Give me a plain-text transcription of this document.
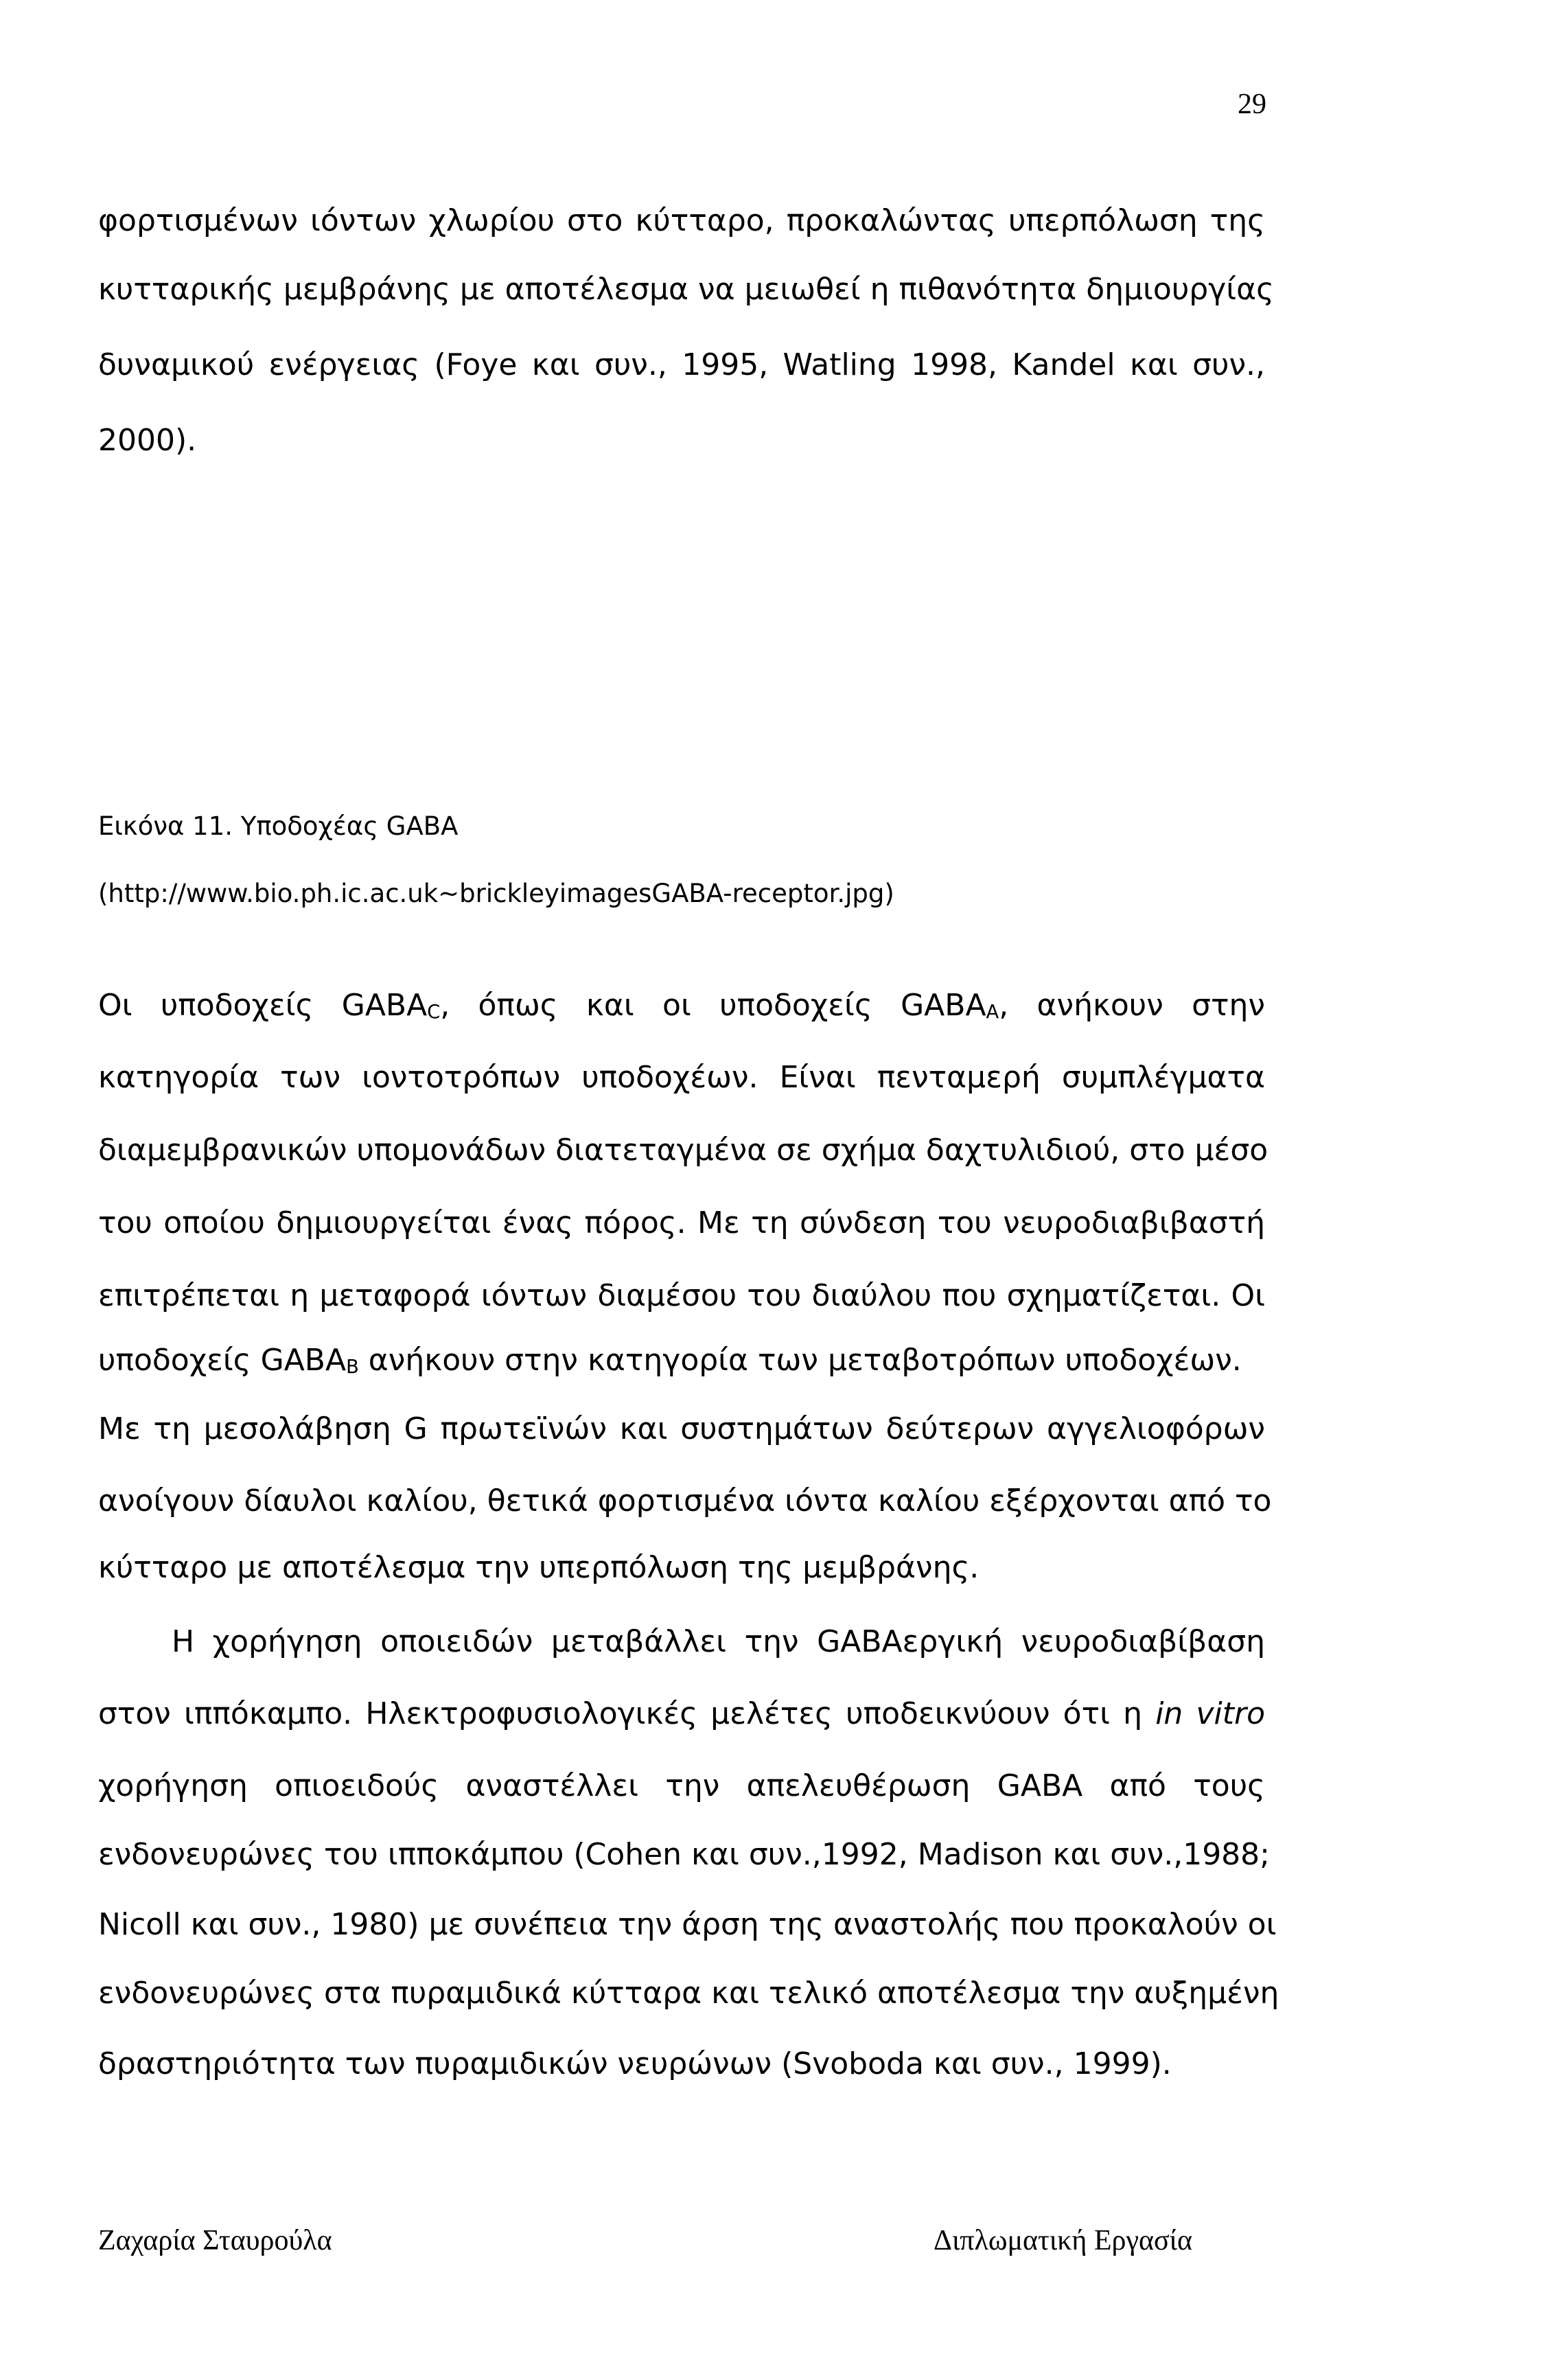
29
φορτισμένων ιόντων χλωρίου στο κύτταρο, προκαλώντας υπερπόλωση της
κυτταρικής μεμβράνης με αποτέλεσμα να μειωθεί η πιθανότητα δημιουργίας
δυναμικού ενέργειας (Foye και συν., 1995, Watling 1998, Kandel και συν.,
2000).
Εικόνα 11. Υποδοχέας GABA
(http://www.bio.ph.ic.ac.uk~brickleyimagesGABA-receptor.jpg)
Οι υποδοχείς $GABA_C$, όπως και οι υποδοχείς $GABA_A$, ανήκουν στην
κατηγορία των ιοντοτρόπων υποδοχέων. Είναι πενταμερή συμπλέγματα
διαμεμβρανικών υπομονάδων διατεταγμένα σε σχήμα δαχτυλιδιού, στο μέσο
του οποίου δημιουργείται ένας πόρος. Με τη σύνδεση του νευροδιαβιβαστή
επιτρέπεται η μεταφορά ιόντων διαμέσου του διαύλου που σχηματίζεται. Οι
υποδοχείς $GABA_B$ ανήκουν στην κατηγορία των μεταβοτρόπων υποδοχέων.
Με τη μεσολάβηση G πρωτεϊνών και συστημάτων δεύτερων αγγελιοφόρων
ανοίγουν δίαυλοι καλίου, θετικά φορτισμένα ιόντα καλίου εξέρχονται από το
κύτταρο με αποτέλεσμα την υπερπόλωση της μεμβράνης.
Η χορήγηση οποιειδών μεταβάλλει την GABAεργική νευροδιαβίβαση
στον ιππόκαμπο. Ηλεκτροφυσιολογικές μελέτες υποδεικνύουν ότι η in vitro
χορήγηση οπιοειδούς αναστέλλει την απελευθέρωση GABA από τους
ενδονευρώνες του ιπποκάμπου (Cohen και συν.,1992, Madison και συν.,1988;
Nicoll και συν., 1980) με συνέπεια την άρση της αναστολής που προκαλούν οι
ενδονευρώνες στα πυραμιδικά κύτταρα και τελικό αποτέλεσμα την αυξημένη
δραστηριότητα των πυραμιδικών νευρώνων (Svoboda και συν., 1999).
Ζαχαρία Σταυρούλα	Διπλωματική Εργασία
